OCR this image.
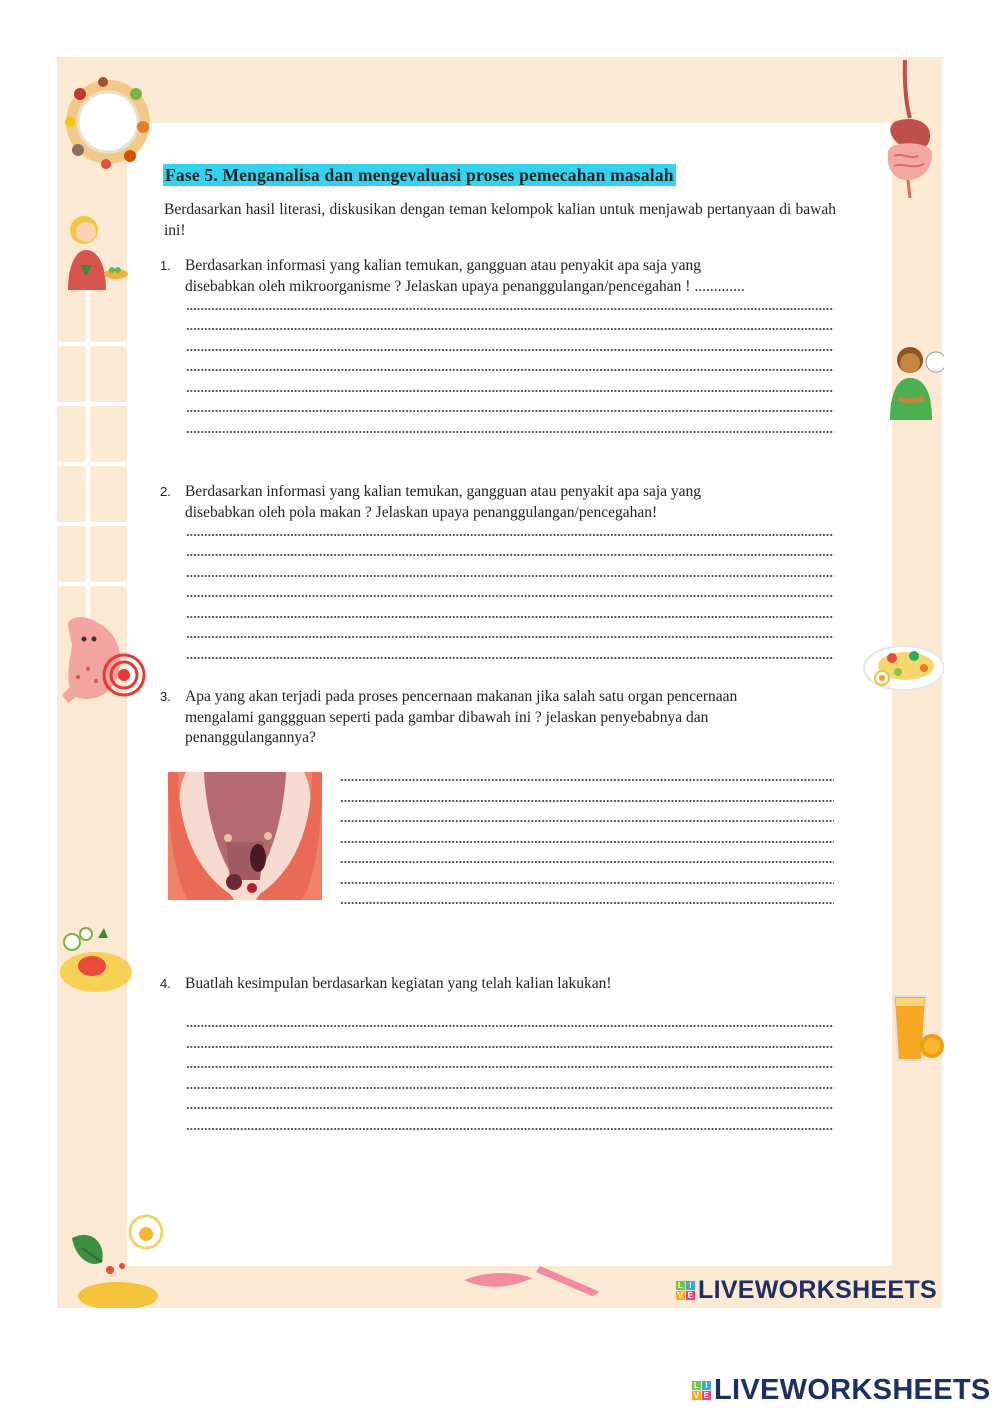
Fase 5. Menganalisa dan mengevaluasi proses pemecahan masalah

Berdasarkan hasil literasi, diskusikan dengan teman kelompok kalian untuk menjawab pertanyaan di bawah ini!

1. Berdasarkan informasi yang kalian temukan, gangguan atau penyakit apa saja yang
disebabkan oleh mikroorganisme ? Jelaskan upaya penanggulangan/pencegahan ! .............
2. Berdasarkan informasi yang kalian temukan, gangguan atau penyakit apa saja yang
disebabkan oleh pola makan ? Jelaskan upaya penanggulangan/pencegahan!
3. Apa yang akan terjadi pada proses pencernaan makanan jika salah satu organ pencernaan
mengalami ganggguan seperti pada gambar dibawah ini ? jelaskan penyebabnya dan
penanggulangannya?
4. Buatlah kesimpulan berdasarkan kegiatan yang telah kalian lakukan!
L I
V E LIVEWORKSHEETS
L I
V E LIVEWORKSHEETS
